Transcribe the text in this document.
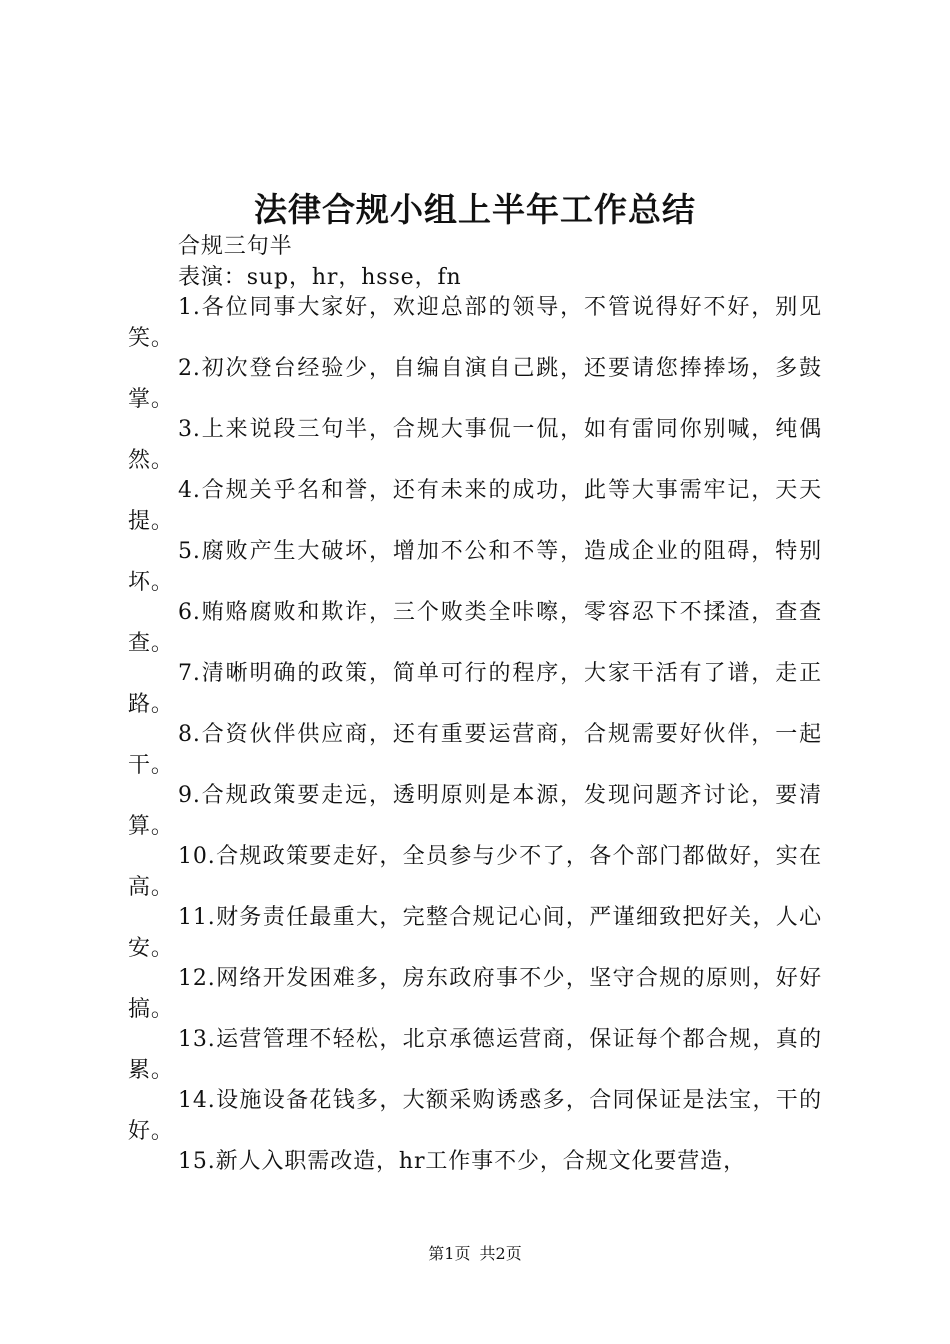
法律合规小组上半年工作总结

合规三句半

表演：sup，hr，hsse，fn

1.各位同事大家好，欢迎总部的领导，不管说得好不好，别见笑。

2.初次登台经验少，自编自演自己跳，还要请您捧捧场，多鼓掌。

3.上来说段三句半，合规大事侃一侃，如有雷同你别喊，纯偶然。

4.合规关乎名和誉，还有未来的成功，此等大事需牢记，天天提。

5.腐败产生大破坏，增加不公和不等，造成企业的阻碍，特别坏。

6.贿赂腐败和欺诈，三个败类全咔嚓，零容忍下不揉渣，查查查。

7.清晰明确的政策，简单可行的程序，大家干活有了谱，走正路。

8.合资伙伴供应商，还有重要运营商，合规需要好伙伴，一起干。

9.合规政策要走远，透明原则是本源，发现问题齐讨论，要清算。

10.合规政策要走好，全员参与少不了，各个部门都做好，实在高。

11.财务责任最重大，完整合规记心间，严谨细致把好关，人心安。

12.网络开发困难多，房东政府事不少，坚守合规的原则，好好搞。

13.运营管理不轻松，北京承德运营商，保证每个都合规，真的累。

14.设施设备花钱多，大额采购诱惑多，合同保证是法宝，干的好。

15.新人入职需改造，hr工作事不少，合规文化要营造，

第1页 共2页
